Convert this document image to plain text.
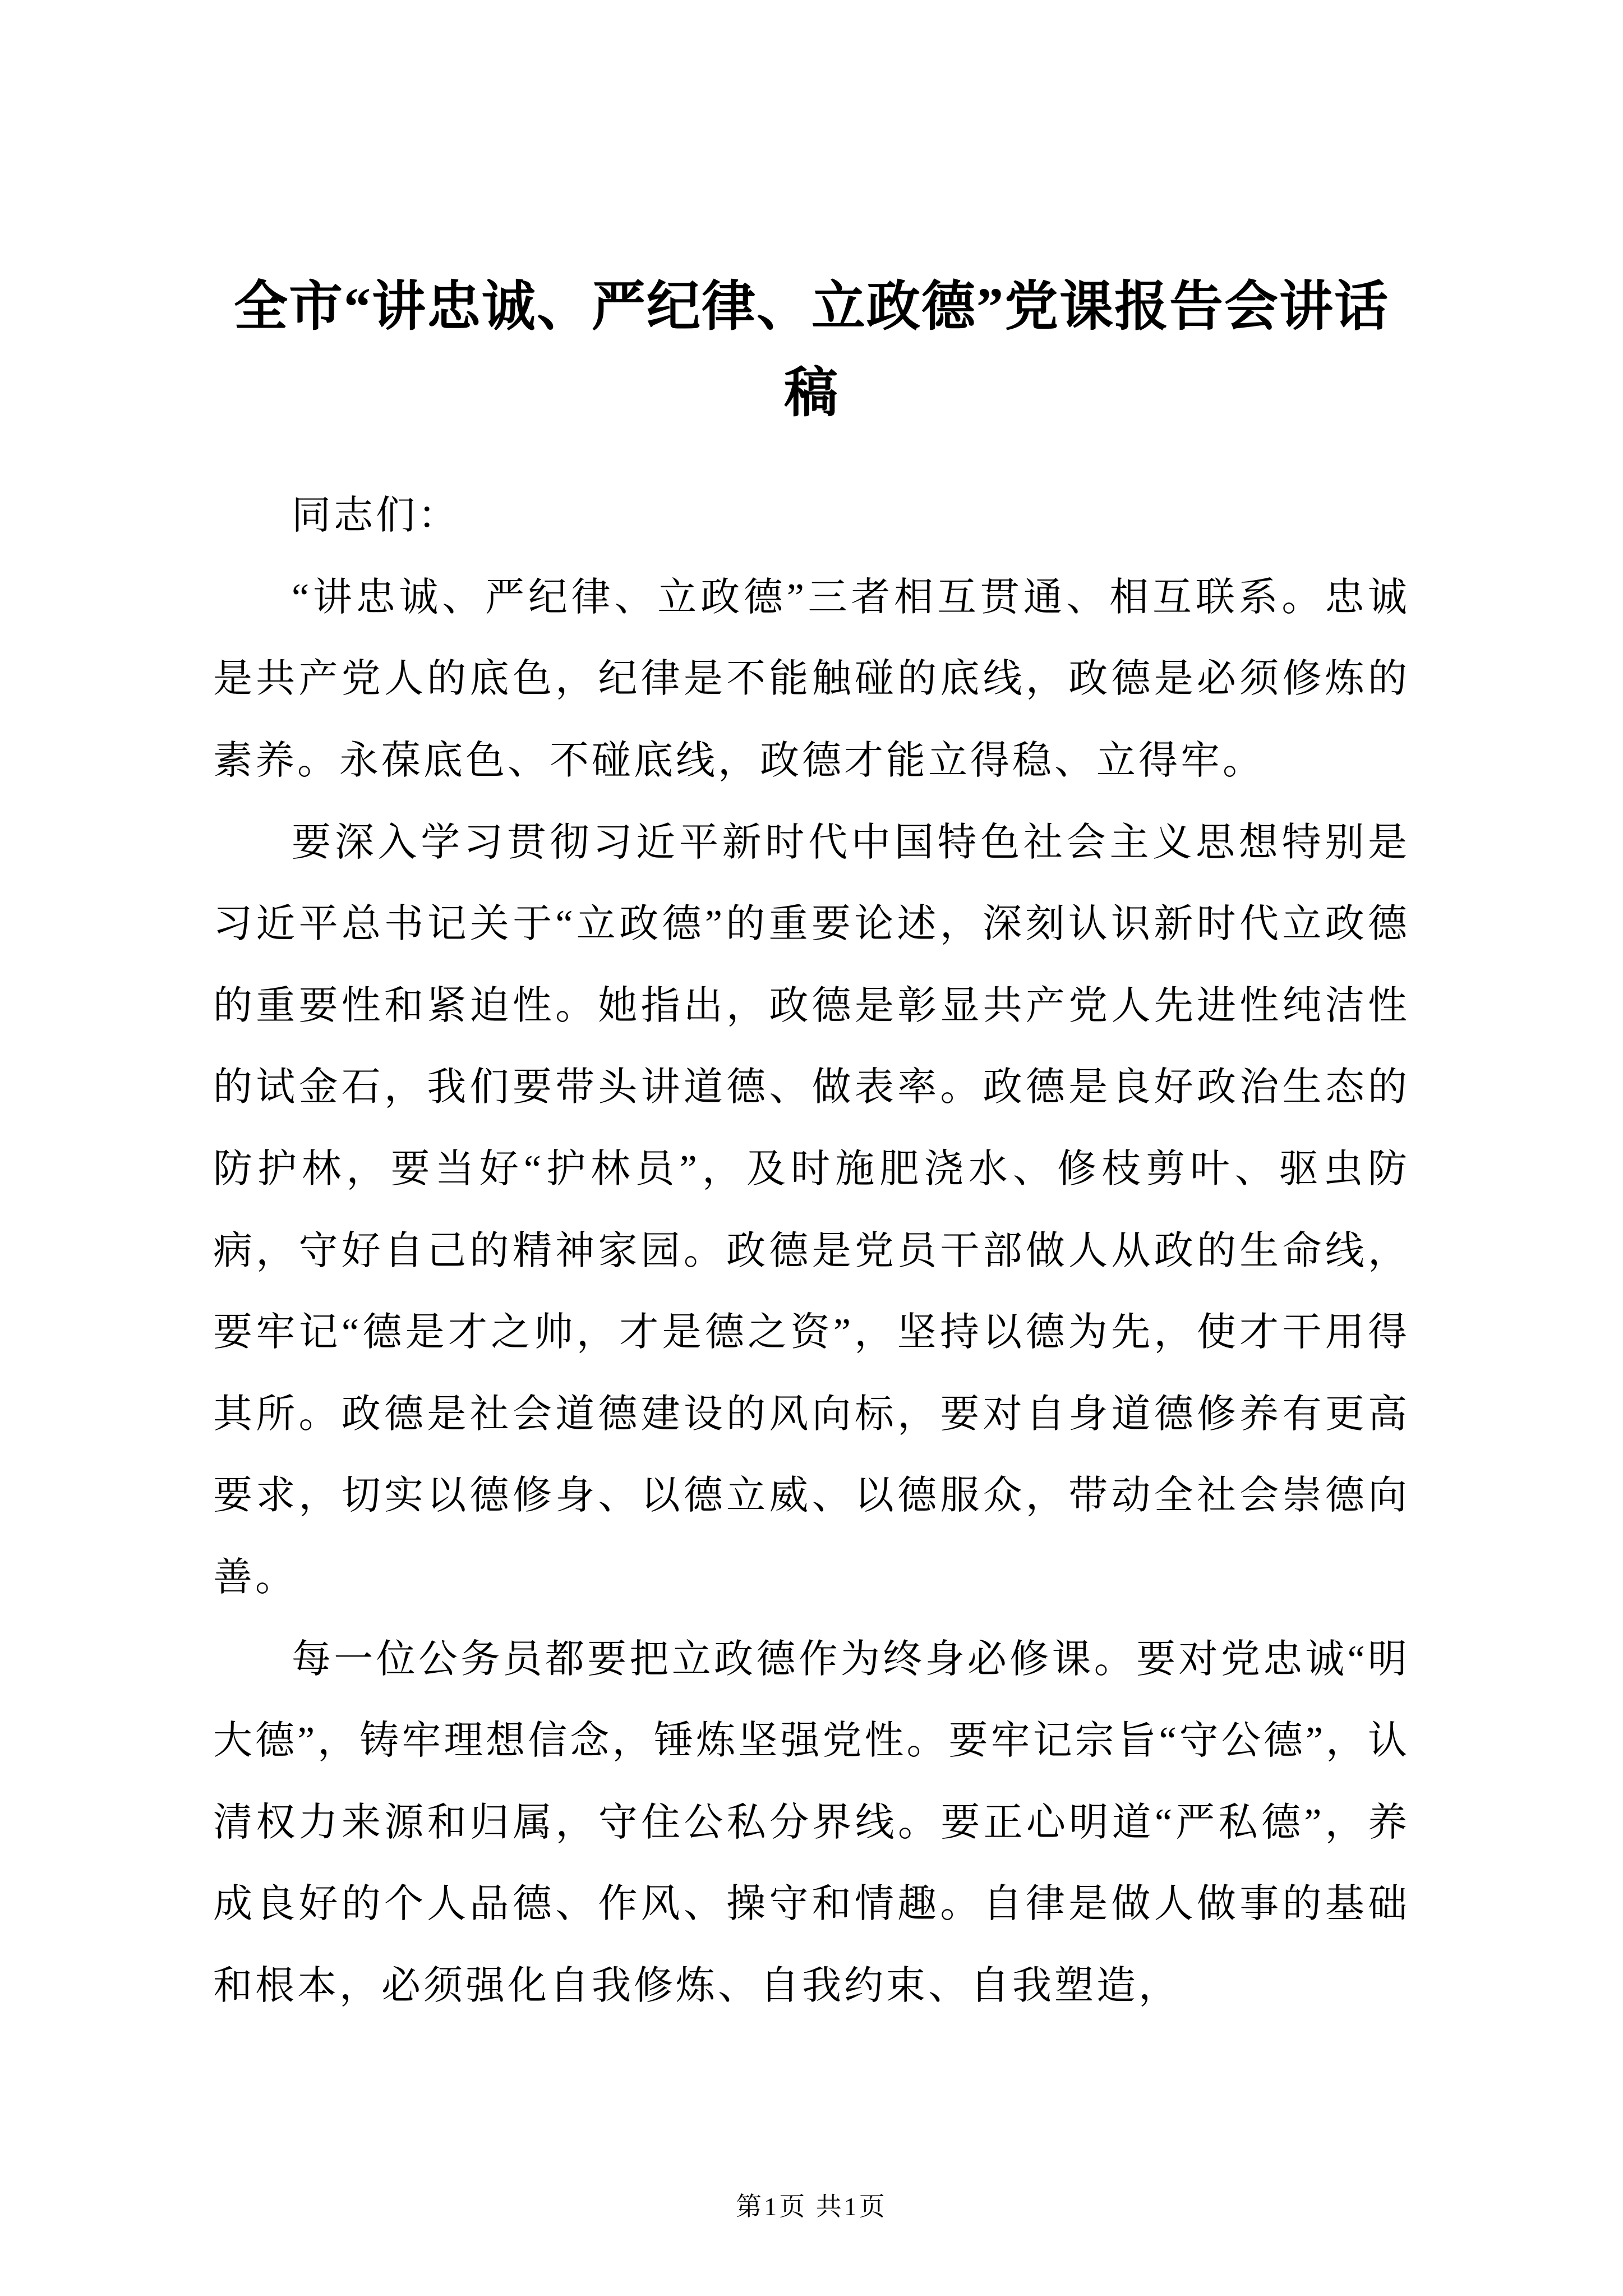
全市“讲忠诚、严纪律、立政德”党课报告会讲话稿

同志们：

“讲忠诚、严纪律、立政德”三者相互贯通、相互联系。忠诚是共产党人的底色，纪律是不能触碰的底线，政德是必须修炼的素养。永葆底色、不碰底线，政德才能立得稳、立得牢。

要深入学习贯彻习近平新时代中国特色社会主义思想特别是习近平总书记关于“立政德”的重要论述，深刻认识新时代立政德的重要性和紧迫性。她指出，政德是彰显共产党人先进性纯洁性的试金石，我们要带头讲道德、做表率。政德是良好政治生态的防护林，要当好“护林员”，及时施肥浇水、修枝剪叶、驱虫防病，守好自己的精神家园。政德是党员干部做人从政的生命线，要牢记“德是才之帅，才是德之资”，坚持以德为先，使才干用得其所。政德是社会道德建设的风向标，要对自身道德修养有更高要求，切实以德修身、以德立威、以德服众，带动全社会崇德向善。

每一位公务员都要把立政德作为终身必修课。要对党忠诚“明大德”，铸牢理想信念，锤炼坚强党性。要牢记宗旨“守公德”，认清权力来源和归属，守住公私分界线。要正心明道“严私德”，养成良好的个人品德、作风、操守和情趣。自律是做人做事的基础和根本，必须强化自我修炼、自我约束、自我塑造，

第1页 共1页
